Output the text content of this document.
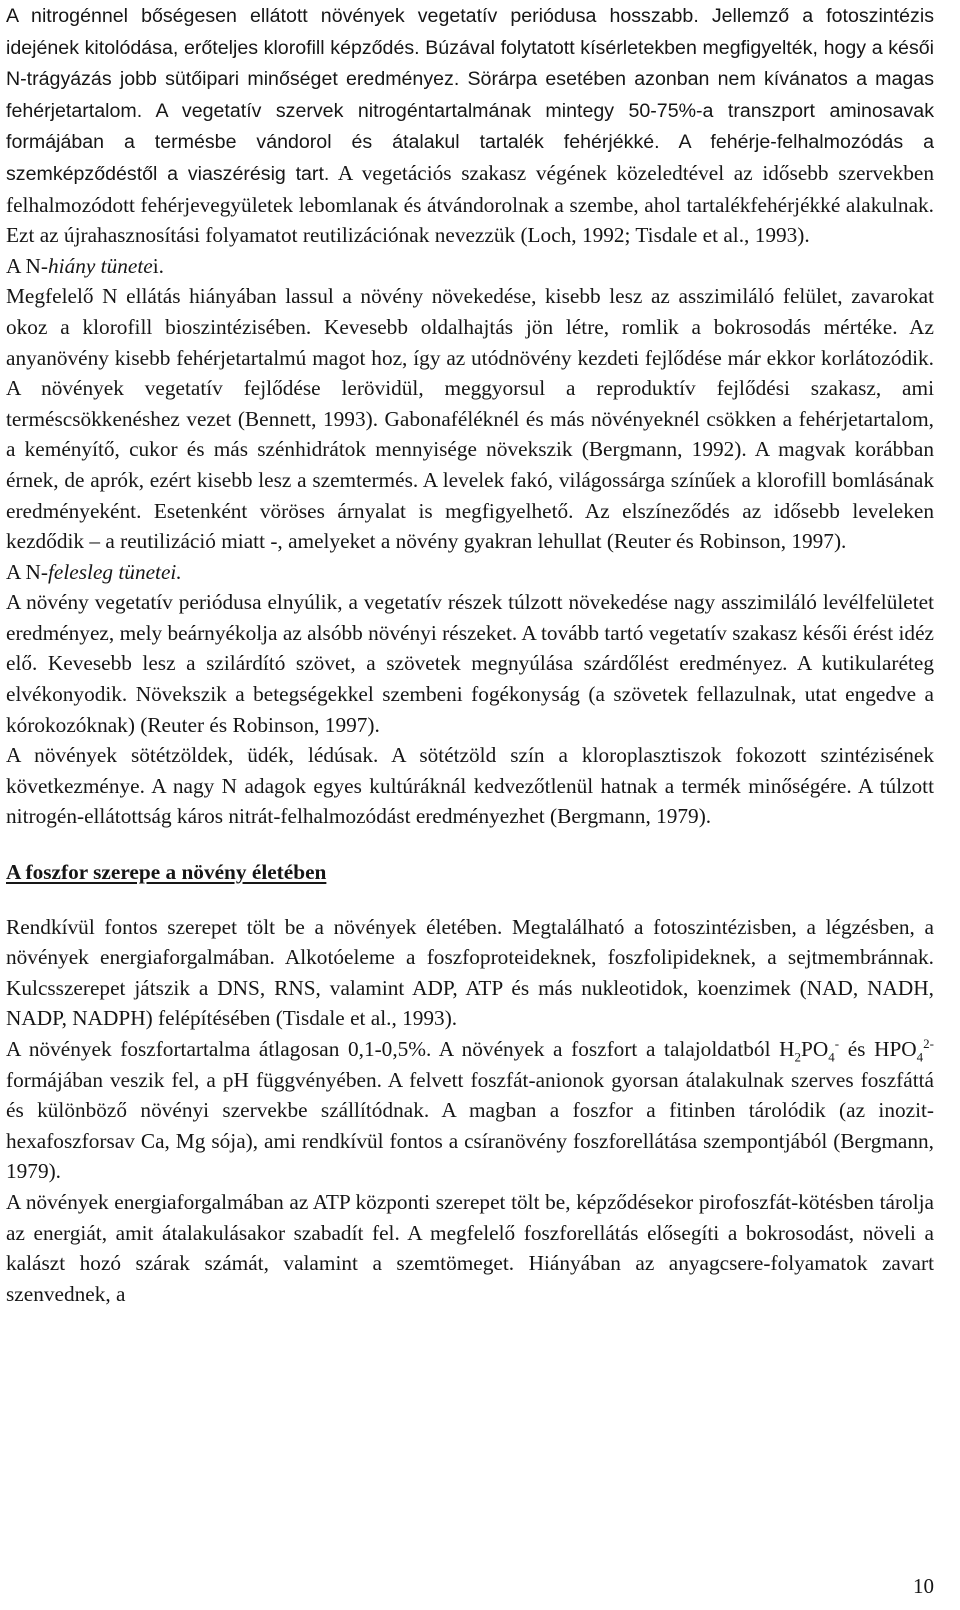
A nitrogénnel bőségesen ellátott növények vegetatív periódusa hosszabb. Jellemző a fotoszintézis idejének kitolódása, erőteljes klorofill képződés. Búzával folytatott kísérletekben megfigyelték, hogy a késői N-trágyázás jobb sütőipari minőséget eredményez. Sörárpa esetében azonban nem kívánatos a magas fehérjetartalom. A vegetatív szervek nitrogéntartalmának mintegy 50-75%-a transzport aminosavak formájában a termésbe vándorol és átalakul tartalék fehérjékké. A fehérje-felhalmozódás a szemképződéstől a viaszérésig tart. A vegetációs szakasz végének közeledtével az idősebb szervekben felhalmozódott fehérjevegyületek lebomlanak és átvándorolnak a szembe, ahol tartalékfehérjékké alakulnak. Ezt az újrahasznosítási folyamatot reutilizációnak nevezzük (Loch, 1992; Tisdale et al., 1993).

A N-hiány tünetei.

Megfelelő N ellátás hiányában lassul a növény növekedése, kisebb lesz az asszimiláló felület, zavarokat okoz a klorofill bioszintézisében. Kevesebb oldalhajtás jön létre, romlik a bokrosodás mértéke. Az anyanövény kisebb fehérjetartalmú magot hoz, így az utódnövény kezdeti fejlődése már ekkor korlátozódik. A növények vegetatív fejlődése lerövidül, meggyorsul a reproduktív fejlődési szakasz, ami terméscsökkenéshez vezet (Bennett, 1993). Gabonaféléknél és más növényeknél csökken a fehérjetartalom, a keményítő, cukor és más szénhidrátok mennyisége növekszik (Bergmann, 1992). A magvak korábban érnek, de aprók, ezért kisebb lesz a szemtermés. A levelek fakó, világossárga színűek a klorofill bomlásának eredményeként. Esetenként vöröses árnyalat is megfigyelhető. Az elszíneződés az idősebb leveleken kezdődik – a reutilizáció miatt -, amelyeket a növény gyakran lehullat (Reuter és Robinson, 1997).

A N-felesleg tünetei.

A növény vegetatív periódusa elnyúlik, a vegetatív részek túlzott növekedése nagy asszimiláló levélfelületet eredményez, mely beárnyékolja az alsóbb növényi részeket. A tovább tartó vegetatív szakasz késői érést idéz elő. Kevesebb lesz a szilárdító szövet, a szövetek megnyúlása szárdőlést eredményez. A kutikularéteg elvékonyodik. Növekszik a betegségekkel szembeni fogékonyság (a szövetek fellazulnak, utat engedve a kórokozóknak) (Reuter és Robinson, 1997).

A növények sötétzöldek, üdék, lédúsak. A sötétzöld szín a kloroplasztiszok fokozott szintézisének következménye. A nagy N adagok egyes kultúráknál kedvezőtlenül hatnak a termék minőségére. A túlzott nitrogén-ellátottság káros nitrát-felhalmozódást eredményezhet (Bergmann, 1979).

A foszfor szerepe a növény életében

Rendkívül fontos szerepet tölt be a növények életében. Megtalálható a fotoszintézisben, a légzésben, a növények energiaforgalmában. Alkotóeleme a foszfoproteideknek, foszfolipideknek, a sejtmembránnak. Kulcsszerepet játszik a DNS, RNS, valamint ADP, ATP és más nukleotidok, koenzimek (NAD, NADH, NADP, NADPH) felépítésében (Tisdale et al., 1993).

A növények foszfortartalma átlagosan 0,1-0,5%. A növények a foszfort a talajoldatból $H_2PO_4^-$ és $HPO_4^{2-}$ formájában veszik fel, a pH függvényében. A felvett foszfát-anionok gyorsan átalakulnak szerves foszfáttá és különböző növényi szervekbe szállítódnak. A magban a foszfor a fitinben tárolódik (az inozit-hexafoszforsav Ca, Mg sója), ami rendkívül fontos a csíranövény foszforellátása szempontjából (Bergmann, 1979).

A növények energiaforgalmában az ATP központi szerepet tölt be, képződésekor pirofoszfát-kötésben tárolja az energiát, amit átalakulásakor szabadít fel. A megfelelő foszforellátás elősegíti a bokrosodást, növeli a kalászt hozó szárak számát, valamint a szemtömeget. Hiányában az anyagcsere-folyamatok zavart szenvednek, a

10
